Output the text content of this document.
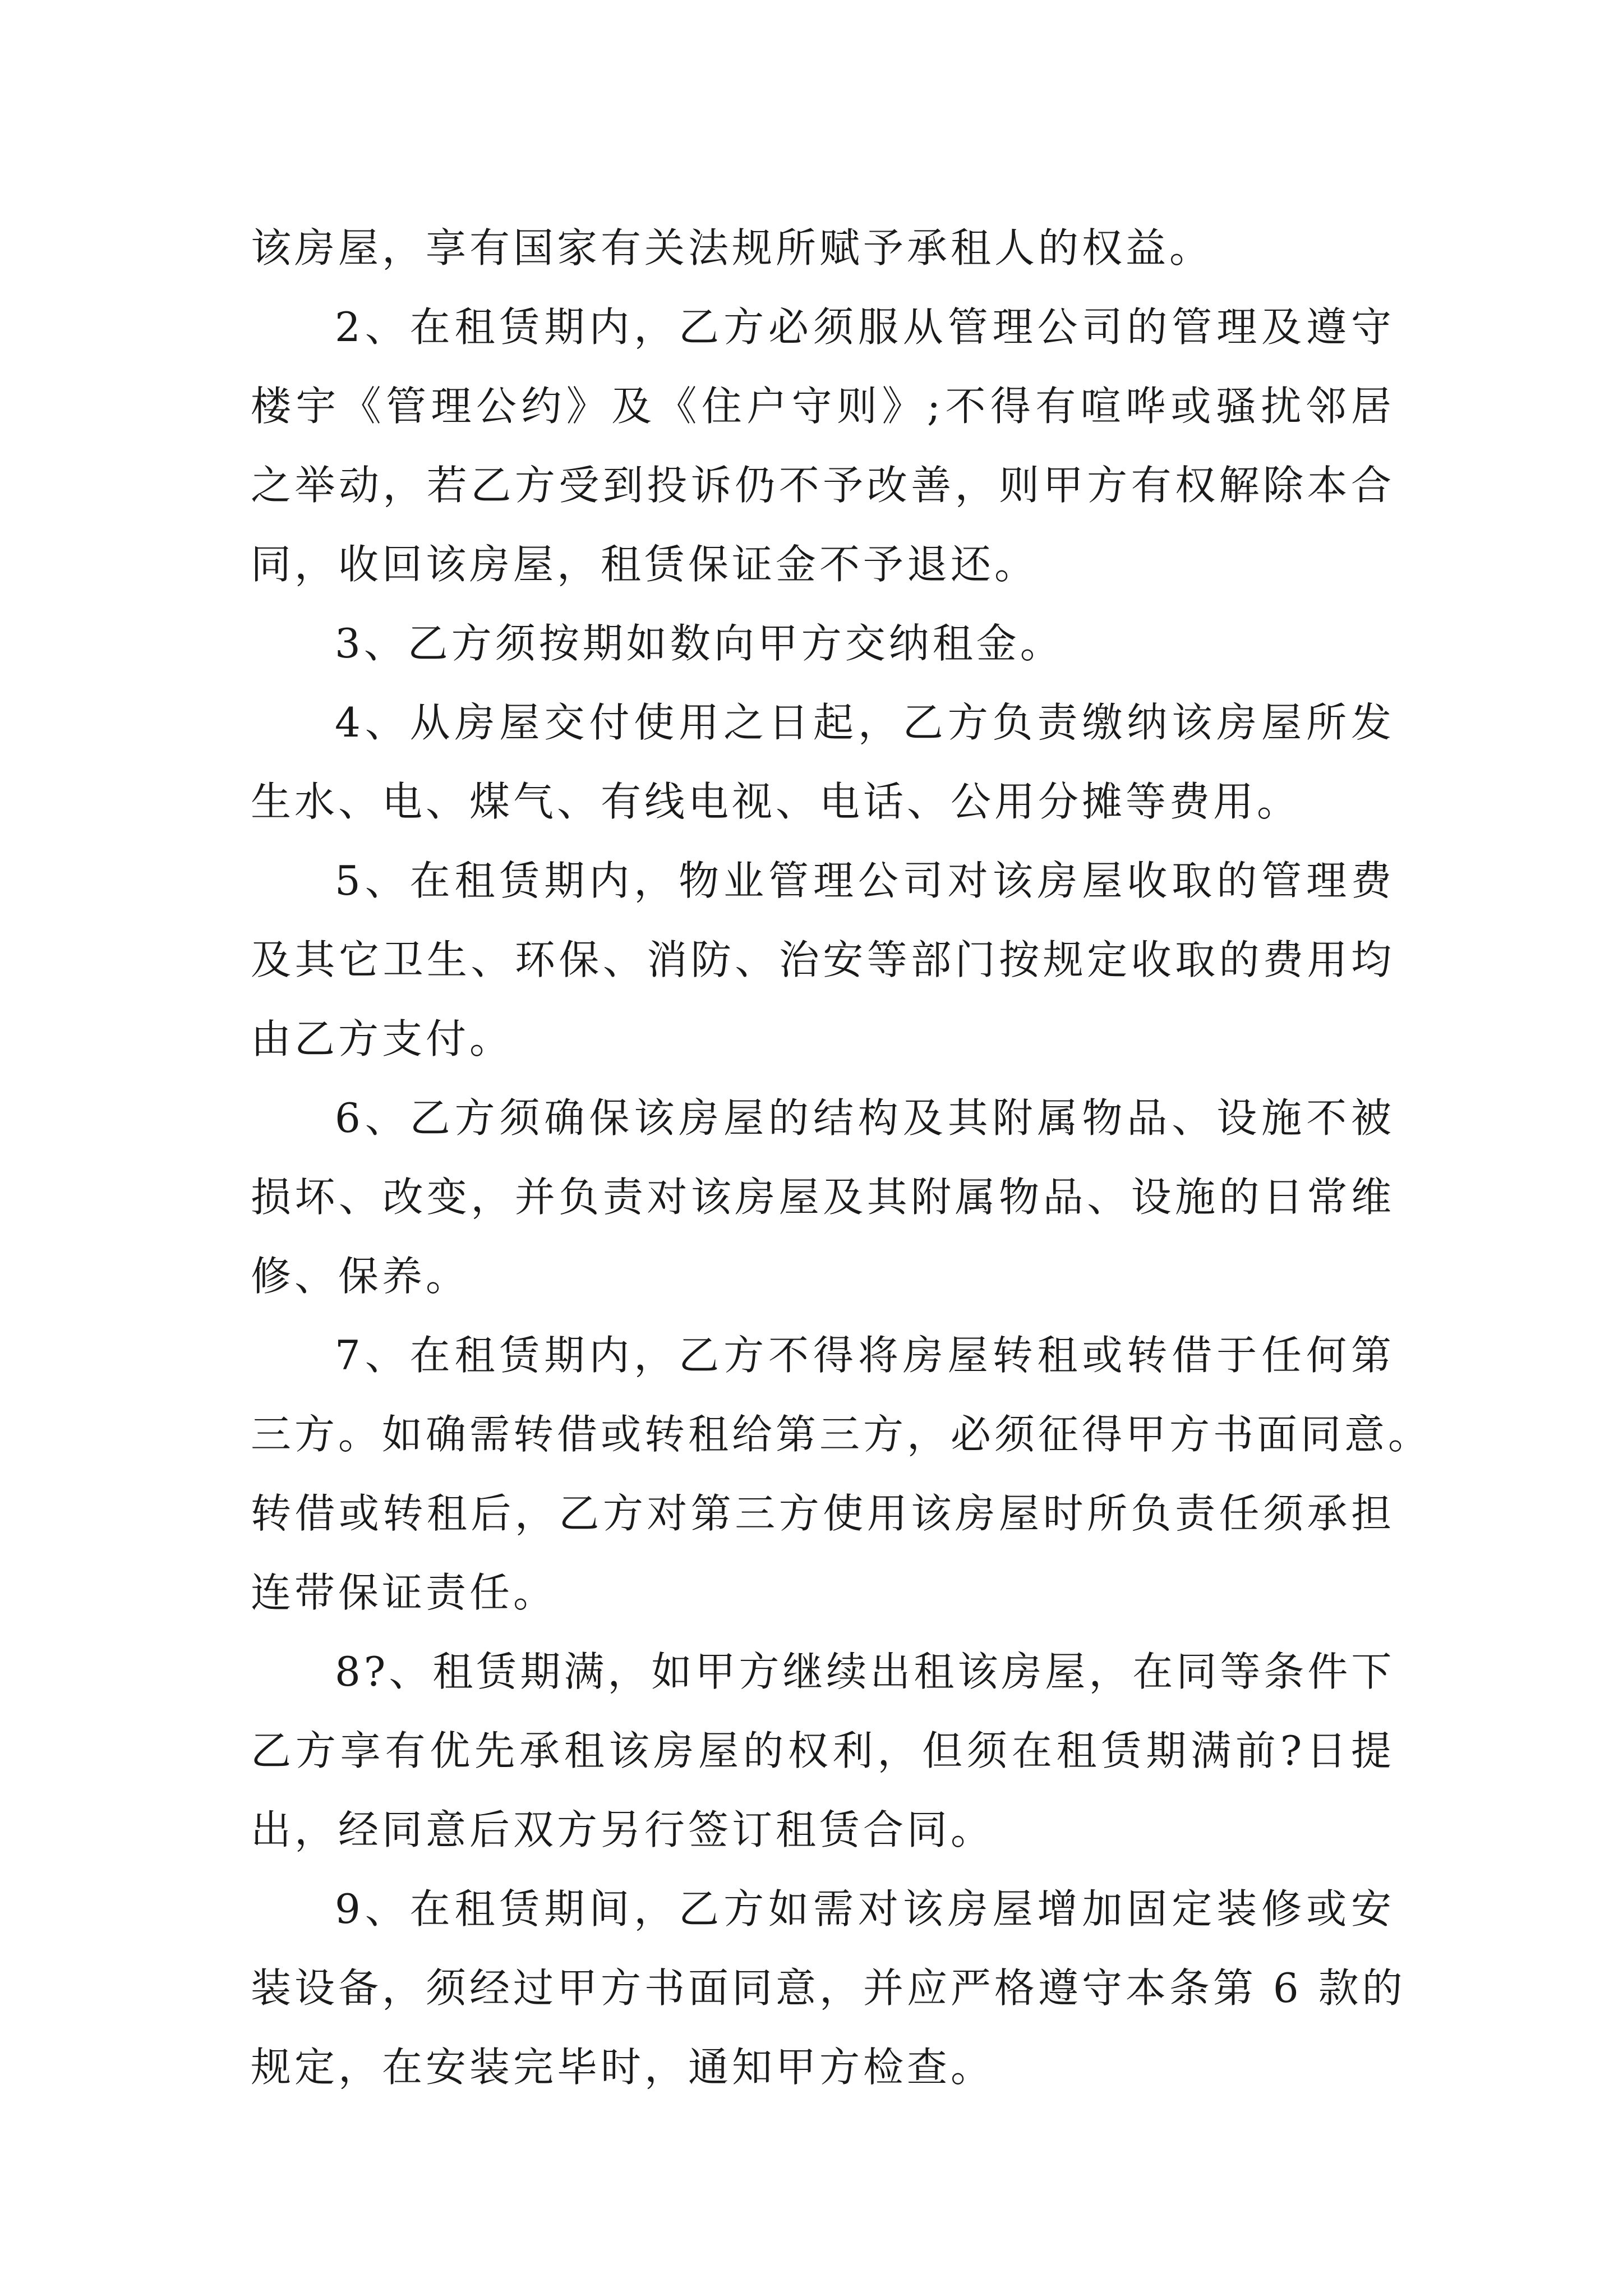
该房屋，享有国家有关法规所赋予承租人的权益。
2、在租赁期内，乙方必须服从管理公司的管理及遵守
楼宇《管理公约》及《住户守则》;不得有喧哗或骚扰邻居
之举动，若乙方受到投诉仍不予改善，则甲方有权解除本合
同，收回该房屋，租赁保证金不予退还。
3、乙方须按期如数向甲方交纳租金。
4、从房屋交付使用之日起，乙方负责缴纳该房屋所发
生水、电、煤气、有线电视、电话、公用分摊等费用。
5、在租赁期内，物业管理公司对该房屋收取的管理费
及其它卫生、环保、消防、治安等部门按规定收取的费用均
由乙方支付。
6、乙方须确保该房屋的结构及其附属物品、设施不被
损坏、改变，并负责对该房屋及其附属物品、设施的日常维
修、保养。
7、在租赁期内，乙方不得将房屋转租或转借于任何第
三方。如确需转借或转租给第三方，必须征得甲方书面同意。
转借或转租后，乙方对第三方使用该房屋时所负责任须承担
连带保证责任。
8?、租赁期满，如甲方继续出租该房屋，在同等条件下
乙方享有优先承租该房屋的权利，但须在租赁期满前?日提
出，经同意后双方另行签订租赁合同。
9、在租赁期间，乙方如需对该房屋增加固定装修或安
装设备，须经过甲方书面同意，并应严格遵守本条第 6 款的
规定，在安装完毕时，通知甲方检查。
